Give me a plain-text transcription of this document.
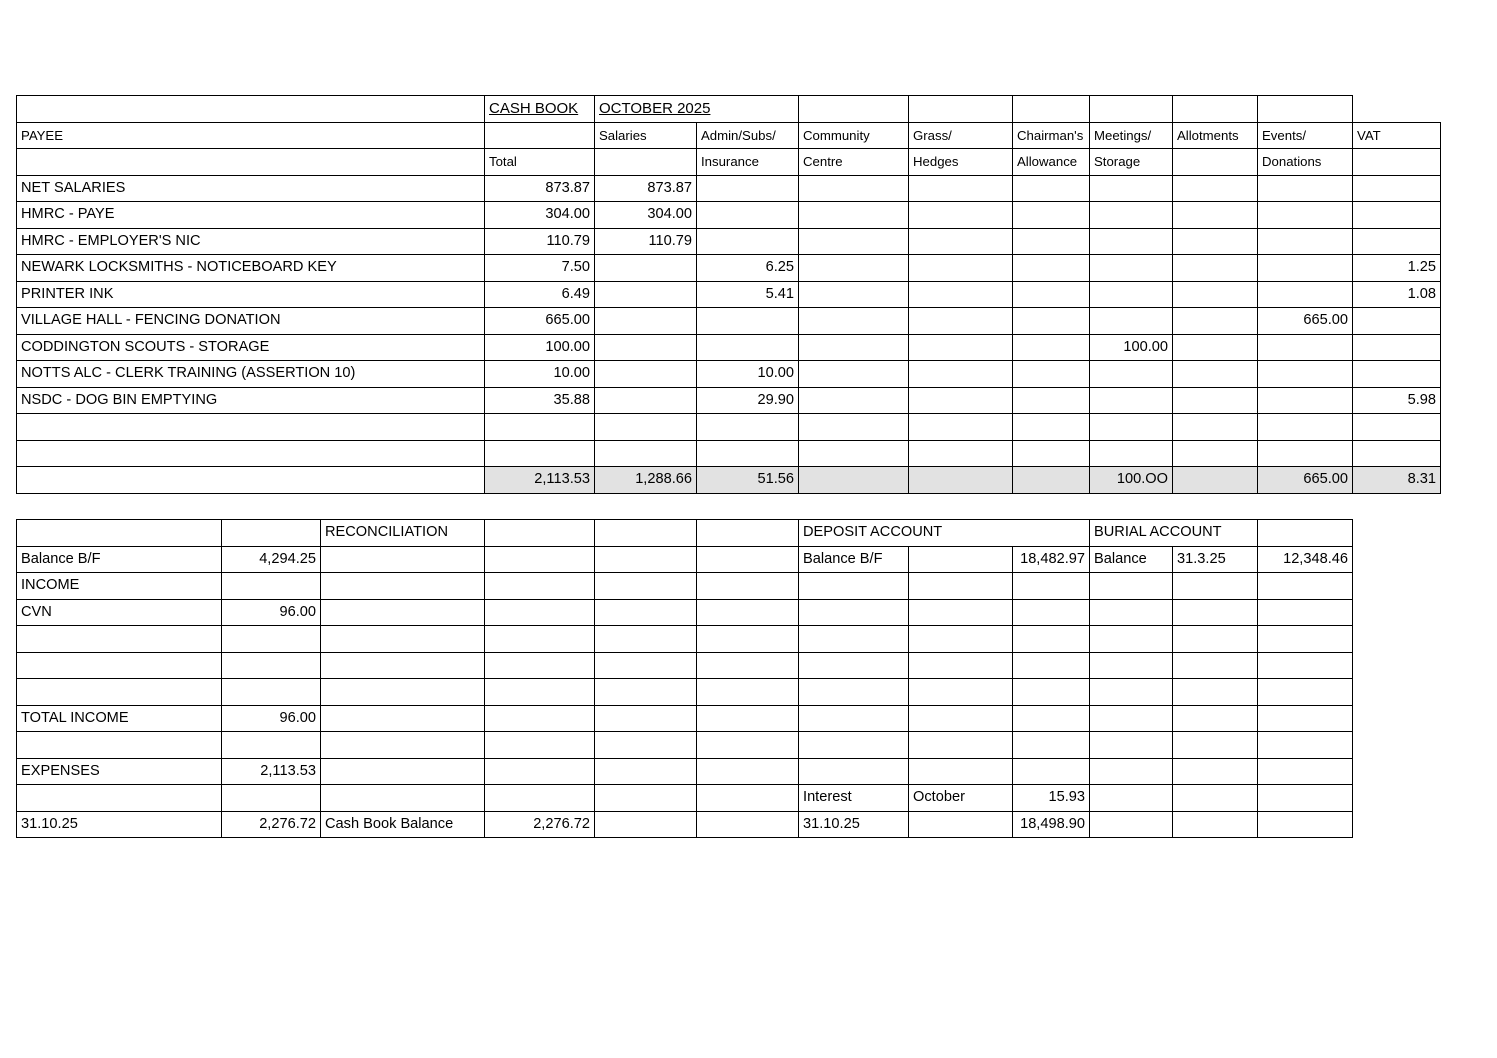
			CASH BOOK	OCTOBER 2025								
PAYEE				Salaries	Admin/Subs/	Community	Grass/	Chairman's	Meetings/	Allotments	Events/	VAT
			Total		Insurance	Centre	Hedges	Allowance	Storage		Donations	
NET SALARIES			873.87	873.87								
HMRC - PAYE			304.00	304.00								
HMRC - EMPLOYER'S NIC			110.79	110.79								
NEWARK LOCKSMITHS - NOTICEBOARD KEY			7.50		6.25							1.25
PRINTER INK			6.49		5.41							1.08
VILLAGE HALL - FENCING DONATION			665.00								665.00	
CODDINGTON SCOUTS - STORAGE			100.00						100.00			
NOTTS ALC - CLERK TRAINING (ASSERTION 10)			10.00		10.00							
NSDC - DOG BIN EMPTYING			35.88		29.90							5.98

			2,113.53	1,288.66	51.56				100.OO		665.00	8.31

		RECONCILIATION				DEPOSIT ACCOUNT			BURIAL ACCOUNT			
Balance B/F	4,294.25					Balance B/F		18,482.97	Balance	31.3.25	12,348.46	
INCOME												
CVN	96.00											

TOTAL INCOME	96.00											

EXPENSES	2,113.53											
						Interest	October	15.93				
31.10.25	2,276.72	Cash Book Balance	2,276.72			31.10.25		18,498.90				
